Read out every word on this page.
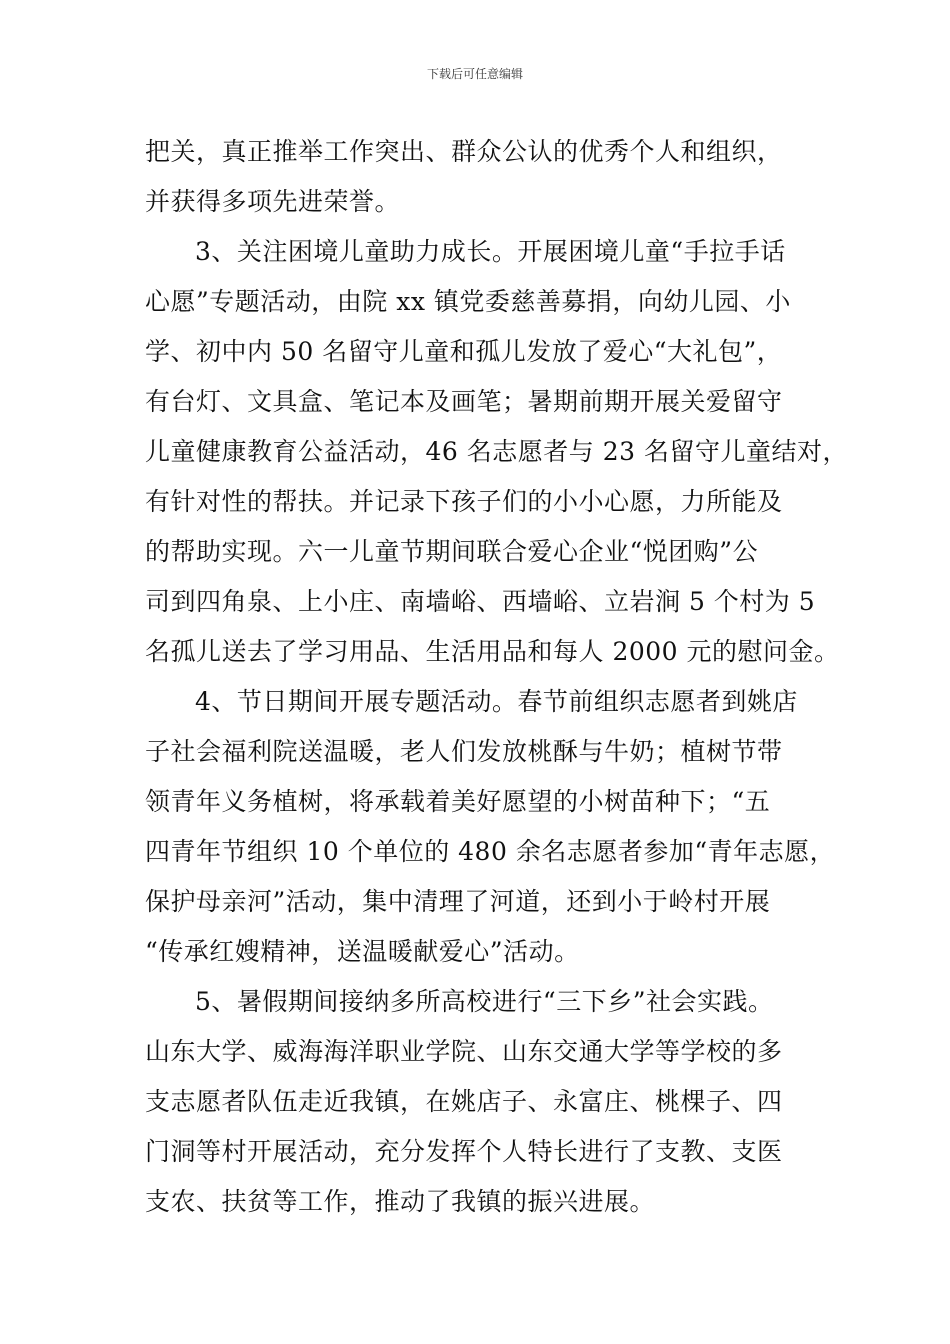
下载后可任意编辑
把关，真正推举工作突出、群众公认的优秀个人和组织，
并获得多项先进荣誉。
3、关注困境儿童助力成长。开展困境儿童“手拉手话
心愿”专题活动，由院 xx 镇党委慈善募捐，向幼儿园、小
学、初中内 50 名留守儿童和孤儿发放了爱心“大礼包”，
有台灯、文具盒、笔记本及画笔；暑期前期开展关爱留守
儿童健康教育公益活动，46 名志愿者与 23 名留守儿童结对，
有针对性的帮扶。并记录下孩子们的小小心愿，力所能及
的帮助实现。六一儿童节期间联合爱心企业“悦团购”公
司到四角泉、上小庄、南墙峪、西墙峪、立岩涧 5 个村为 5
名孤儿送去了学习用品、生活用品和每人 2000 元的慰问金。
4、节日期间开展专题活动。春节前组织志愿者到姚店
子社会福利院送温暖，老人们发放桃酥与牛奶；植树节带
领青年义务植树，将承载着美好愿望的小树苗种下；“五
四青年节组织 10 个单位的 480 余名志愿者参加“青年志愿，
保护母亲河”活动，集中清理了河道，还到小于岭村开展
“传承红嫂精神，送温暖献爱心”活动。
5、暑假期间接纳多所高校进行“三下乡”社会实践。
山东大学、威海海洋职业学院、山东交通大学等学校的多
支志愿者队伍走近我镇，在姚店子、永富庄、桃棵子、四
门洞等村开展活动，充分发挥个人特长进行了支教、支医
支农、扶贫等工作，推动了我镇的振兴进展。
